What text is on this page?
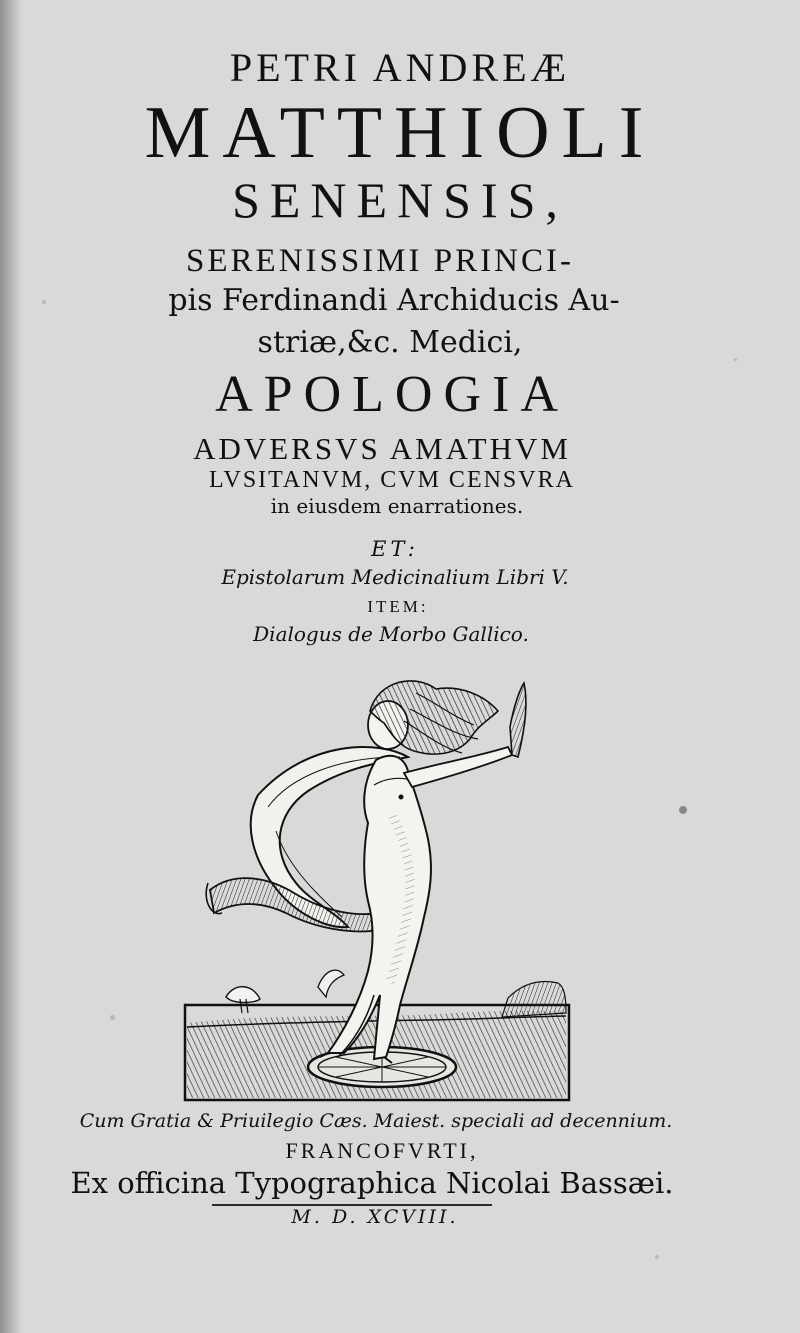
PETRI ANDREÆ
MATTHIOLI
SENENSIS,
SERENISSIMI PRINCI-
pis Ferdinandi Archiducis Au-
striæ,&c. Medici,
APOLOGIA
ADVERSVS AMATHVM
LVSITANVM, CVM CENSVRA
in eiusdem enarrationes.
ET:
Epistolarum Medicinalium Libri V.
ITEM:
Dialogus de Morbo Gallico.
Cum Gratia & Priuilegio Cæs. Maiest. speciali ad decennium.
FRANCOFVRTI,
Ex officina Typographica Nicolai Bassæi.
M. D. XCVIII.
